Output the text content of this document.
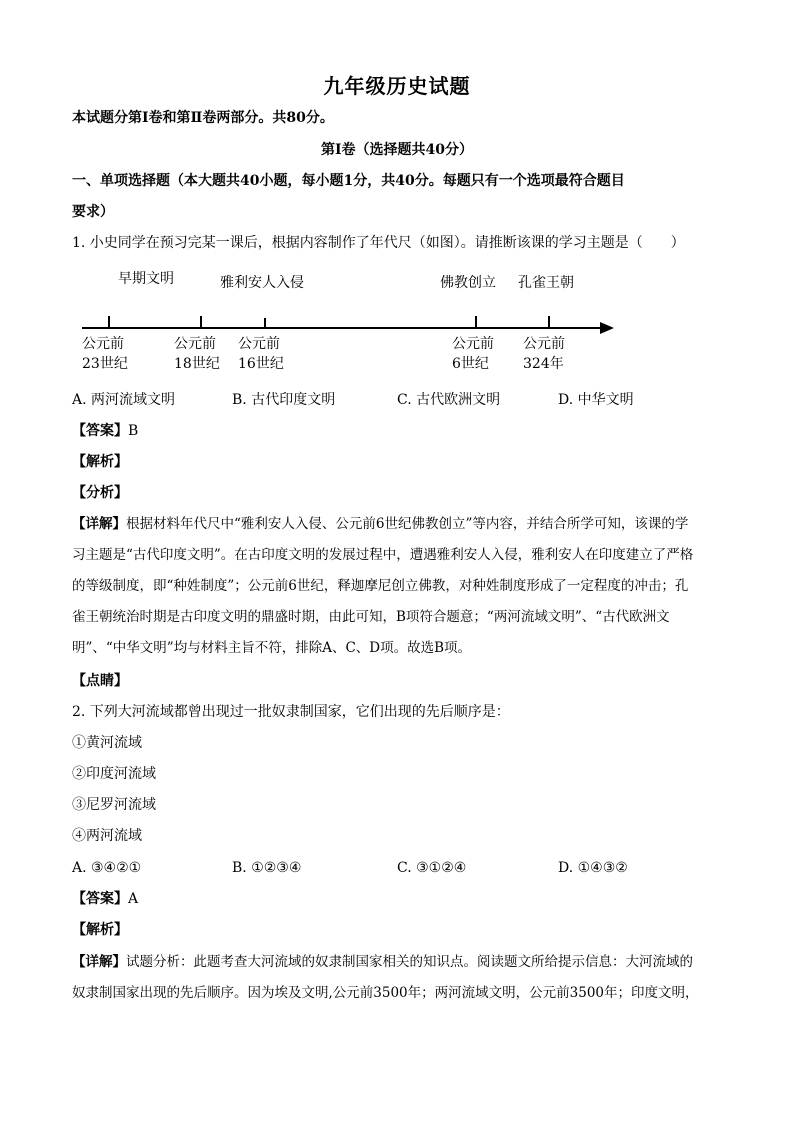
九年级历史试题
本试题分第Ⅰ卷和第Ⅱ卷两部分。共80分。
第Ⅰ卷（选择题共40分）
一、单项选择题（本大题共40小题，每小题1分，共40分。每题只有一个选项最符合题目
要求）
1. 小史同学在预习完某一课后，根据内容制作了年代尺（如图）。请推断该课的学习主题是（　　）
早期文明	雅利安人入侵	佛教创立 孔雀王朝
公元前
23世纪
公元前
18世纪
公元前
16世纪
公元前
6世纪
公元前
324年
A. 两河流域文明	B. 古代印度文明	C. 古代欧洲文明	D. 中华文明
【答案】B
【解析】
【分析】
【详解】根据材料年代尺中“雅利安人入侵、公元前6世纪佛教创立”等内容，并结合所学可知，该课的学
习主题是“古代印度文明”。在古印度文明的发展过程中，遭遇雅利安人入侵，雅利安人在印度建立了严格
的等级制度，即“种姓制度”；公元前6世纪，释迦摩尼创立佛教，对种姓制度形成了一定程度的冲击；孔
雀王朝统治时期是古印度文明的鼎盛时期，由此可知，B项符合题意；“两河流域文明”、“古代欧洲文
明”、“中华文明”均与材料主旨不符，排除A、C、D项。故选B项。
【点睛】
2. 下列大河流域都曾出现过一批奴隶制国家，它们出现的先后顺序是：
①黄河流域
②印度河流域
③尼罗河流域
④两河流域
A. ③④②①	B. ①②③④	C. ③①②④	D. ①④③②
【答案】A
【解析】
【详解】试题分析：此题考查大河流域的奴隶制国家相关的知识点。阅读题文所给提示信息：大河流域的
奴隶制国家出现的先后顺序。因为埃及文明,公元前3500年；两河流域文明，公元前3500年；印度文明，
